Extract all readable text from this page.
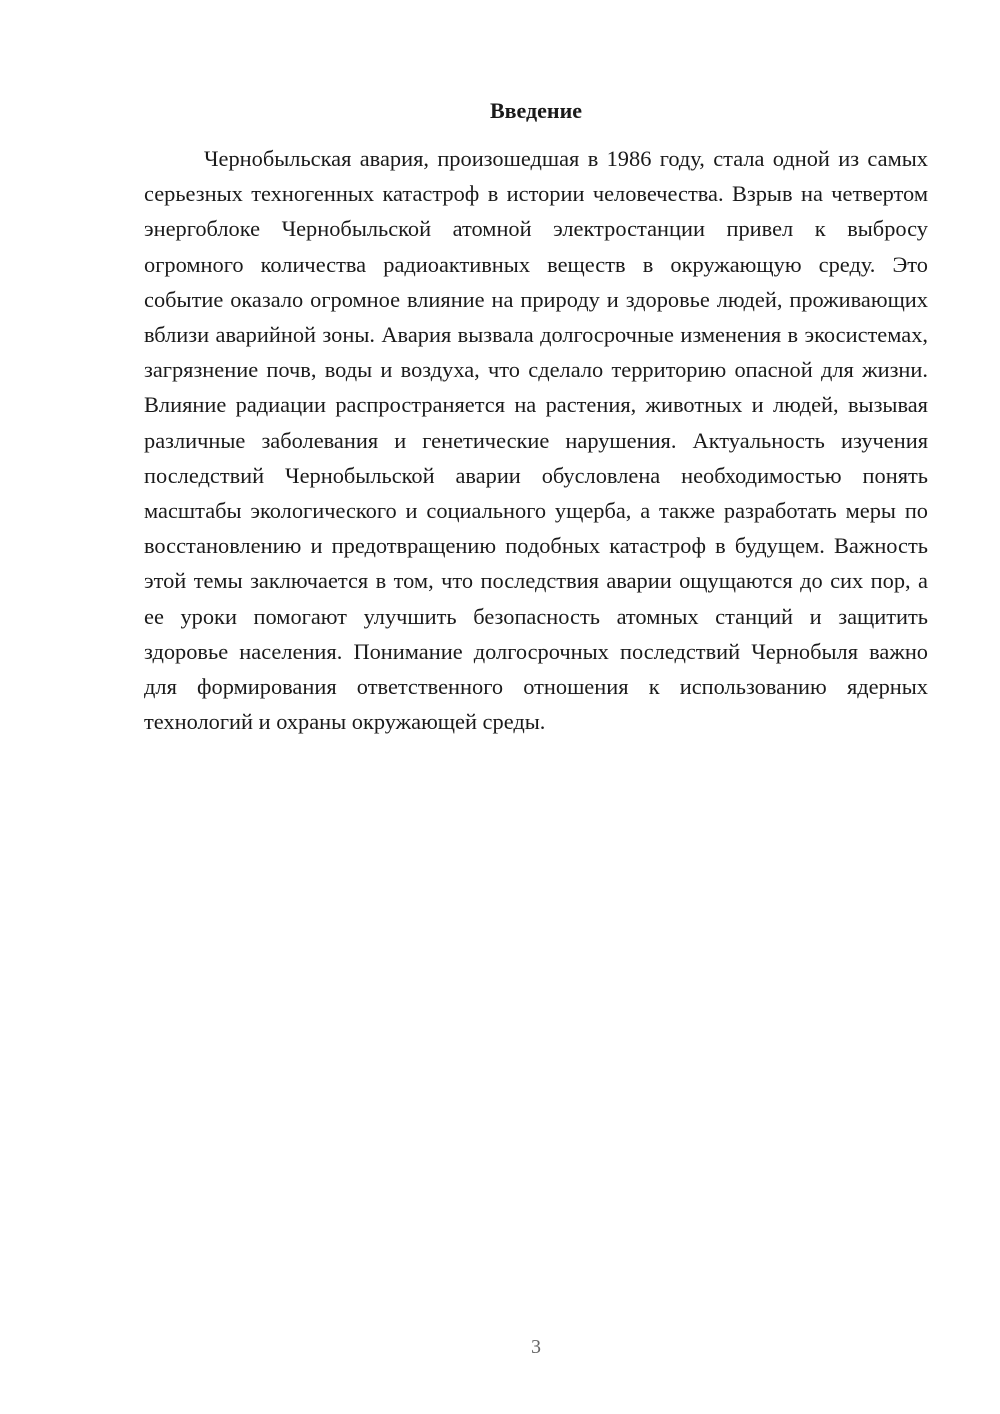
Введение

Чернобыльская авария, произошедшая в 1986 году, стала одной из самых серьезных техногенных катастроф в истории человечества. Взрыв на четвертом энергоблоке Чернобыльской атомной электростанции привел к выбросу огромного количества радиоактивных веществ в окружающую среду. Это событие оказало огромное влияние на природу и здоровье людей, проживающих вблизи аварийной зоны. Авария вызвала долгосрочные изменения в экосистемах, загрязнение почв, воды и воздуха, что сделало территорию опасной для жизни. Влияние радиации распространяется на растения, животных и людей, вызывая различные заболевания и генетические нарушения. Актуальность изучения последствий Чернобыльской аварии обусловлена необходимостью понять масштабы экологического и социального ущерба, а также разработать меры по восстановлению и предотвращению подобных катастроф в будущем. Важность этой темы заключается в том, что последствия аварии ощущаются до сих пор, а ее уроки помогают улучшить безопасность атомных станций и защитить здоровье населения. Понимание долгосрочных последствий Чернобыля важно для формирования ответственного отношения к использованию ядерных технологий и охраны окружающей среды.

3
